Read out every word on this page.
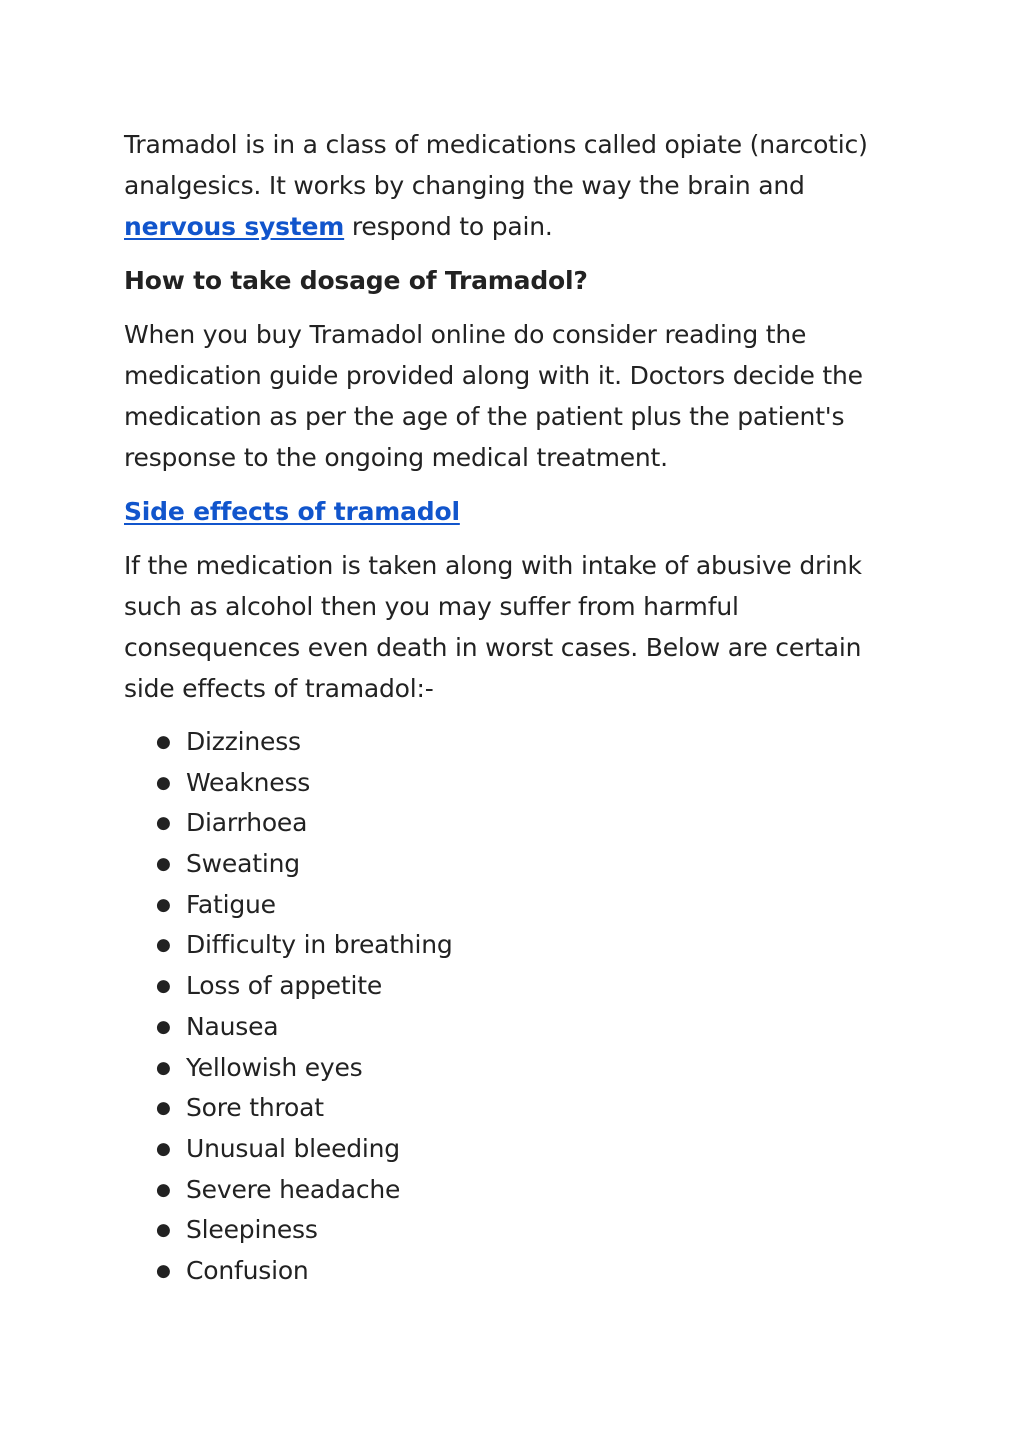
Tramadol is in a class of medications called opiate (narcotic) analgesics. It works by changing the way the brain and nervous system respond to pain.

How to take dosage of Tramadol?

When you buy Tramadol online do consider reading the medication guide provided along with it. Doctors decide the medication as per the age of the patient plus the patient's response to the ongoing medical treatment.

Side effects of tramadol

If the medication is taken along with intake of abusive drink such as alcohol then you may suffer from harmful consequences even death in worst cases. Below are certain side effects of tramadol:-

● Dizziness
● Weakness
● Diarrhoea
● Sweating
● Fatigue
● Difficulty in breathing
● Loss of appetite
● Nausea
● Yellowish eyes
● Sore throat
● Unusual bleeding
● Severe headache
● Sleepiness
● Confusion
